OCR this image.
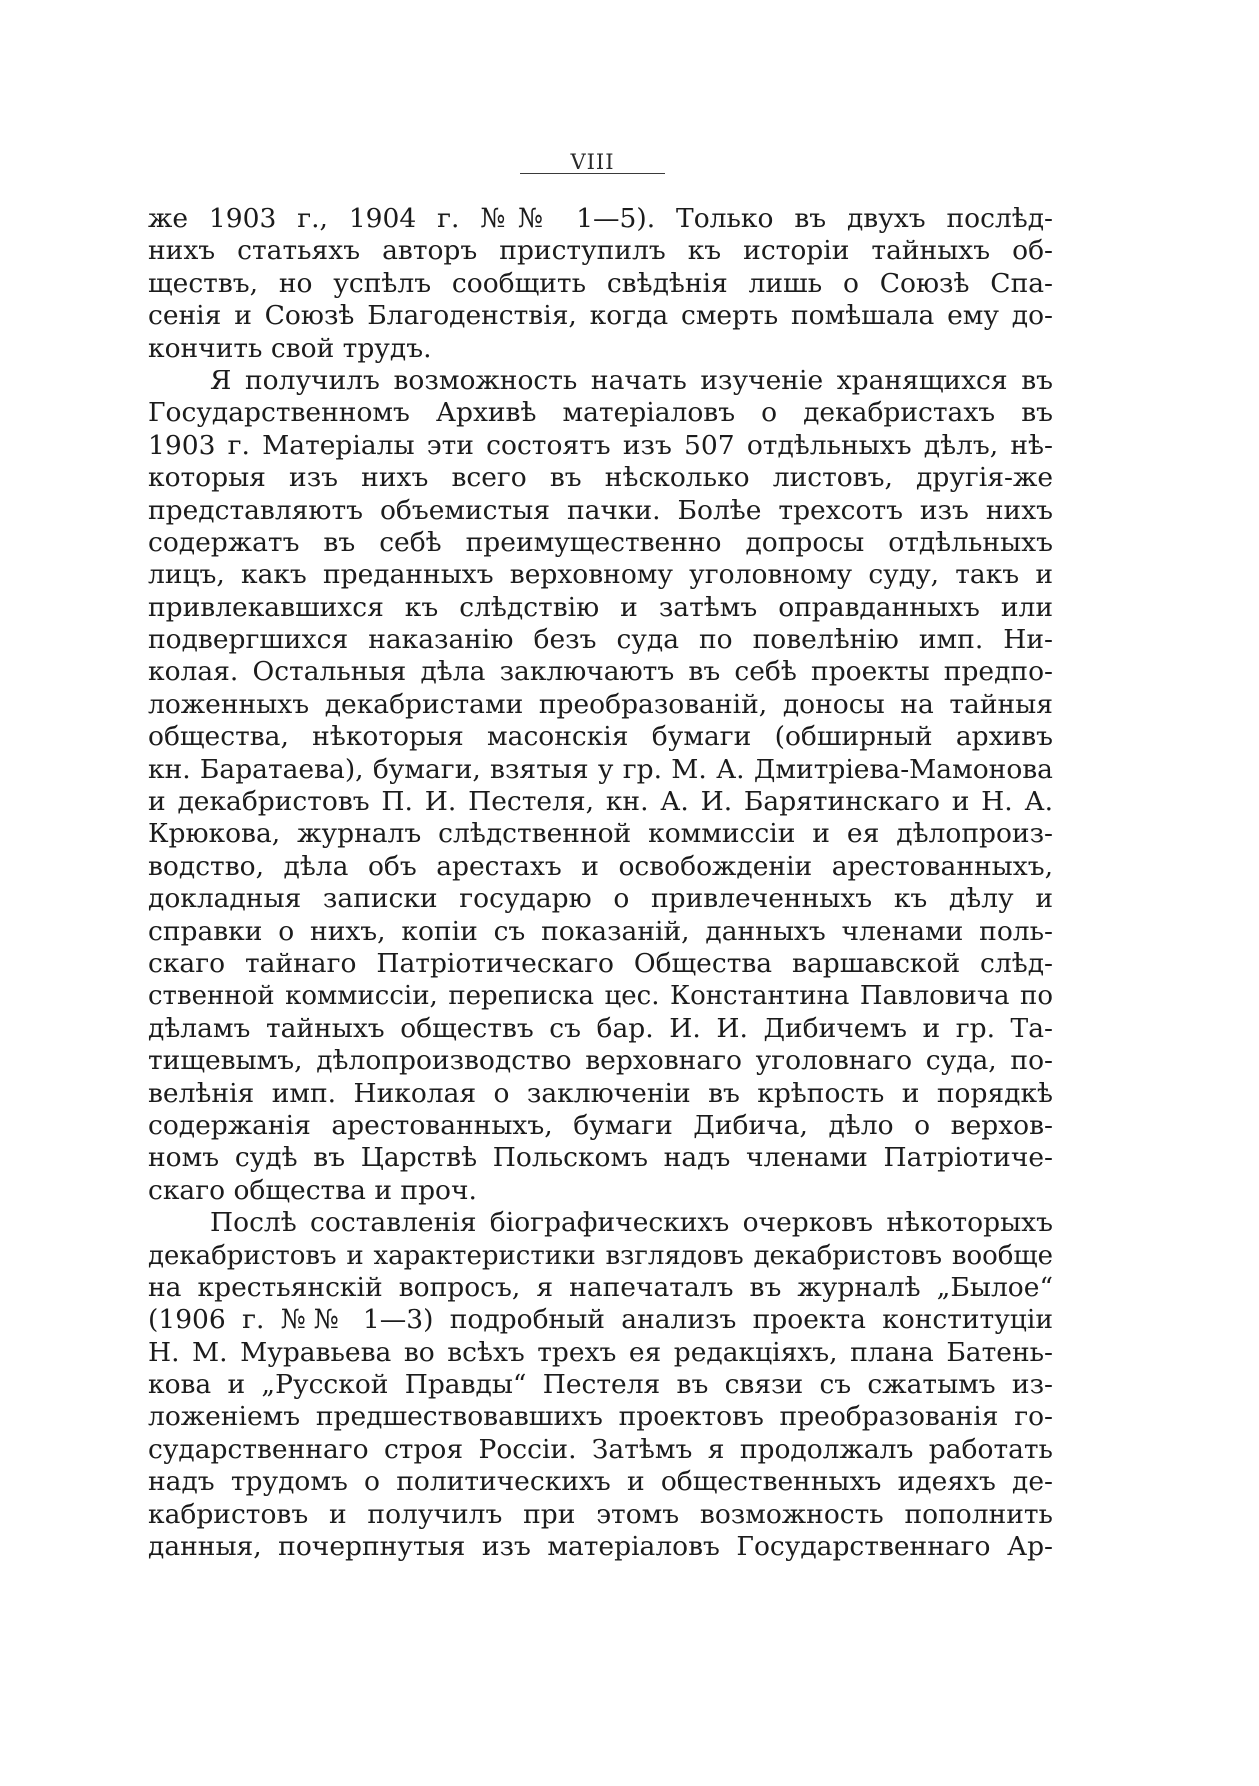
VIII
же 1903 г., 1904 г. №№ 1—5). Только въ двухъ послѣд-
нихъ статьяхъ авторъ приступилъ къ исторіи тайныхъ об-
ществъ, но успѣлъ сообщить свѣдѣнія лишь о Союзѣ Спа-
сенія и Союзѣ Благоденствія, когда смерть помѣшала ему до-
кончить свой трудъ.
Я получилъ возможность начать изученіе хранящихся въ
Государственномъ Архивѣ матеріаловъ о декабристахъ въ
1903 г. Матеріалы эти состоятъ изъ 507 отдѣльныхъ дѣлъ, нѣ-
которыя изъ нихъ всего въ нѣсколько листовъ, другія-же
представляютъ объемистыя пачки. Болѣе трехсотъ изъ нихъ
содержатъ въ себѣ преимущественно допросы отдѣльныхъ
лицъ, какъ преданныхъ верховному уголовному суду, такъ и
привлекавшихся къ слѣдствію и затѣмъ оправданныхъ или
подвергшихся наказанію безъ суда по повелѣнію имп. Ни-
колая. Остальныя дѣла заключаютъ въ себѣ проекты предпо-
ложенныхъ декабристами преобразованій, доносы на тайныя
общества, нѣкоторыя масонскія бумаги (обширный архивъ
кн. Баратаева), бумаги, взятыя у гр. М. А. Дмитріева-Мамонова
и декабристовъ П. И. Пестеля, кн. А. И. Барятинскаго и Н. А.
Крюкова, журналъ слѣдственной коммиссіи и ея дѣлопроиз-
водство, дѣла объ арестахъ и освобожденіи арестованныхъ,
докладныя записки государю о привлеченныхъ къ дѣлу и
справки о нихъ, копіи съ показаній, данныхъ членами поль-
скаго тайнаго Патріотическаго Общества варшавской слѣд-
ственной коммиссіи, переписка цес. Константина Павловича по
дѣламъ тайныхъ обществъ съ бар. И. И. Дибичемъ и гр. Та-
тищевымъ, дѣлопроизводство верховнаго уголовнаго суда, по-
велѣнія имп. Николая о заключеніи въ крѣпость и порядкѣ
содержанія арестованныхъ, бумаги Дибича, дѣло о верхов-
номъ судѣ въ Царствѣ Польскомъ надъ членами Патріотиче-
скаго общества и проч.
Послѣ составленія біографическихъ очерковъ нѣкоторыхъ
декабристовъ и характеристики взглядовъ декабристовъ вообще
на крестьянскій вопросъ, я напечаталъ въ журналѣ „Былое“
(1906 г. №№ 1—3) подробный анализъ проекта конституціи
Н. М. Муравьева во всѣхъ трехъ ея редакціяхъ, плана Батень-
кова и „Русской Правды“ Пестеля въ связи съ сжатымъ из-
ложеніемъ предшествовавшихъ проектовъ преобразованія го-
сударственнаго строя Россіи. Затѣмъ я продолжалъ работать
надъ трудомъ о политическихъ и общественныхъ идеяхъ де-
кабристовъ и получилъ при этомъ возможность пополнить
данныя, почерпнутыя изъ матеріаловъ Государственнаго Ар-
